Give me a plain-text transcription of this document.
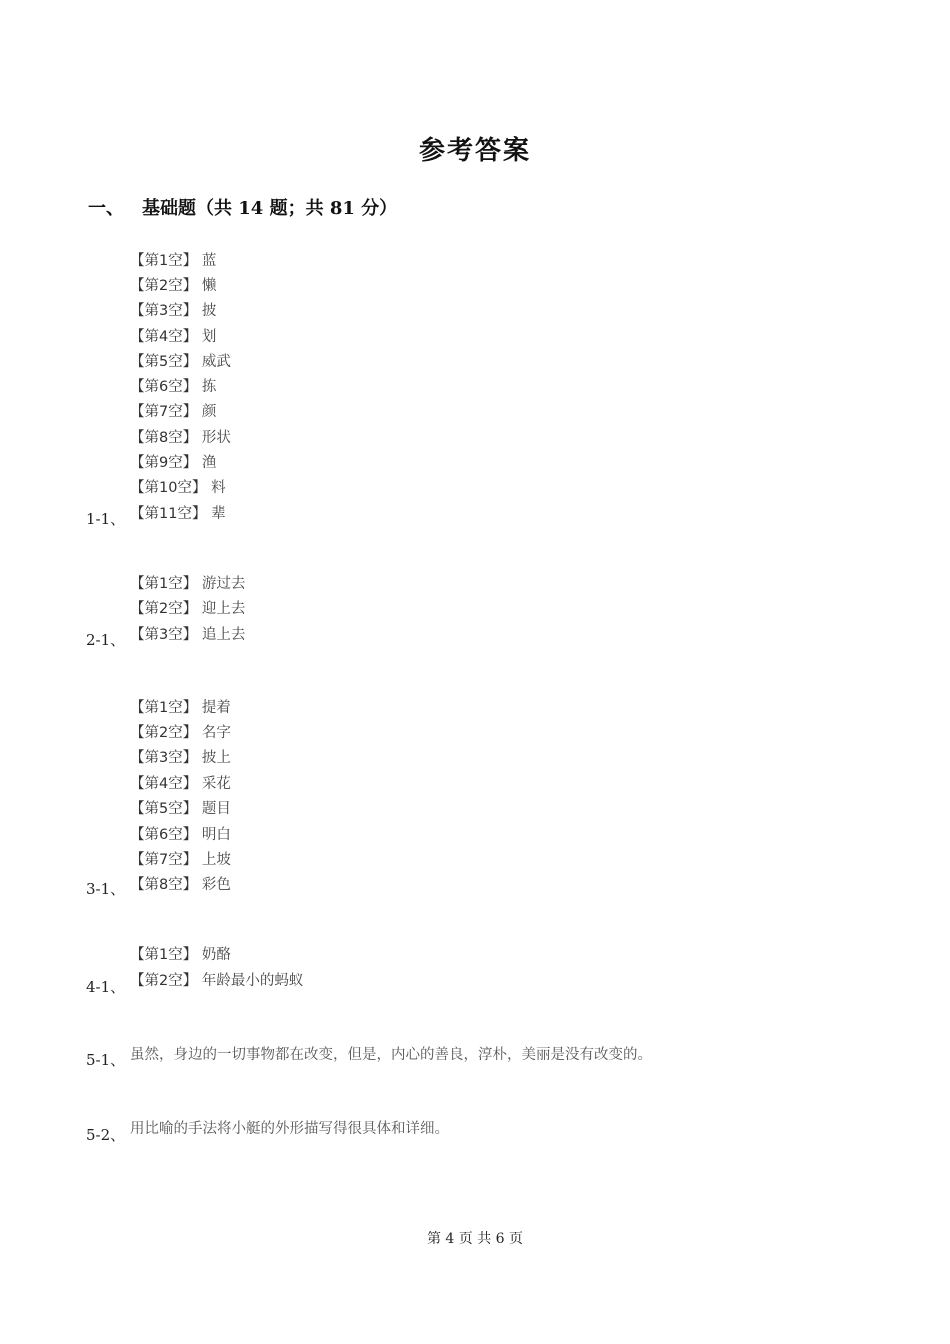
参考答案
一、 基础题（共 14 题；共 81 分）
【第1空】 蓝
【第2空】 懒
【第3空】 披
【第4空】 划
【第5空】 威武
【第6空】 拣
【第7空】 颜
【第8空】 形状
【第9空】 渔
【第10空】 料
【第11空】 辈
1-1、
【第1空】 游过去
【第2空】 迎上去
【第3空】 追上去
2-1、
【第1空】 提着
【第2空】 名字
【第3空】 披上
【第4空】 采花
【第5空】 题目
【第6空】 明白
【第7空】 上坡
【第8空】 彩色
3-1、
【第1空】 奶酪
【第2空】 年龄最小的蚂蚁
4-1、
5-1、 虽然，身边的一切事物都在改变，但是，内心的善良，淳朴，美丽是没有改变的。
5-2、 用比喻的手法将小艇的外形描写得很具体和详细。
第 4 页 共 6 页
